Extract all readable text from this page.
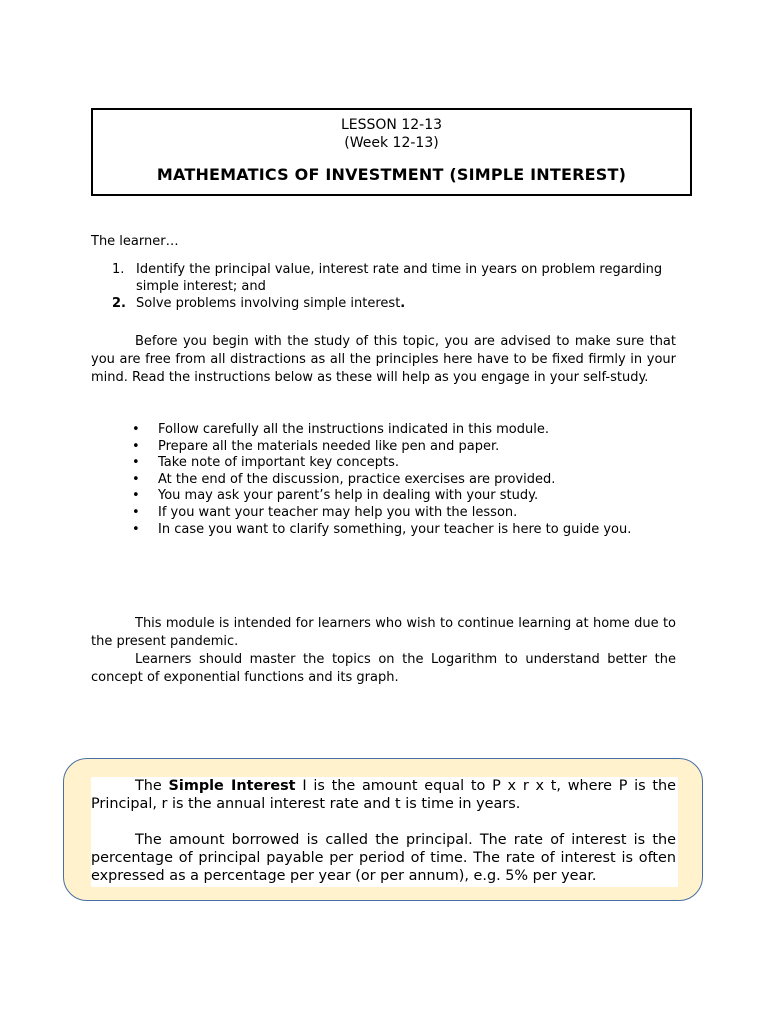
LESSON 12-13
(Week 12-13)
MATHEMATICS OF INVESTMENT (SIMPLE INTEREST)
The learner…
1. Identify the principal value, interest rate and time in years on problem regarding simple interest; and
2. Solve problems involving simple interest.
Before you begin with the study of this topic, you are advised to make sure that you are free from all distractions as all the principles here have to be fixed firmly in your mind. Read the instructions below as these will help as you engage in your self-study.
• Follow carefully all the instructions indicated in this module.
• Prepare all the materials needed like pen and paper.
• Take note of important key concepts.
• At the end of the discussion, practice exercises are provided.
• You may ask your parent’s help in dealing with your study.
• If you want your teacher may help you with the lesson.
• In case you want to clarify something, your teacher is here to guide you.
This module is intended for learners who wish to continue learning at home due to the present pandemic.
Learners should master the topics on the Logarithm to understand better the concept of exponential functions and its graph.
The Simple Interest I is the amount equal to P x r x t, where P is the Principal, r is the annual interest rate and t is time in years.
The amount borrowed is called the principal. The rate of interest is the percentage of principal payable per period of time. The rate of interest is often expressed as a percentage per year (or per annum), e.g. 5% per year.
